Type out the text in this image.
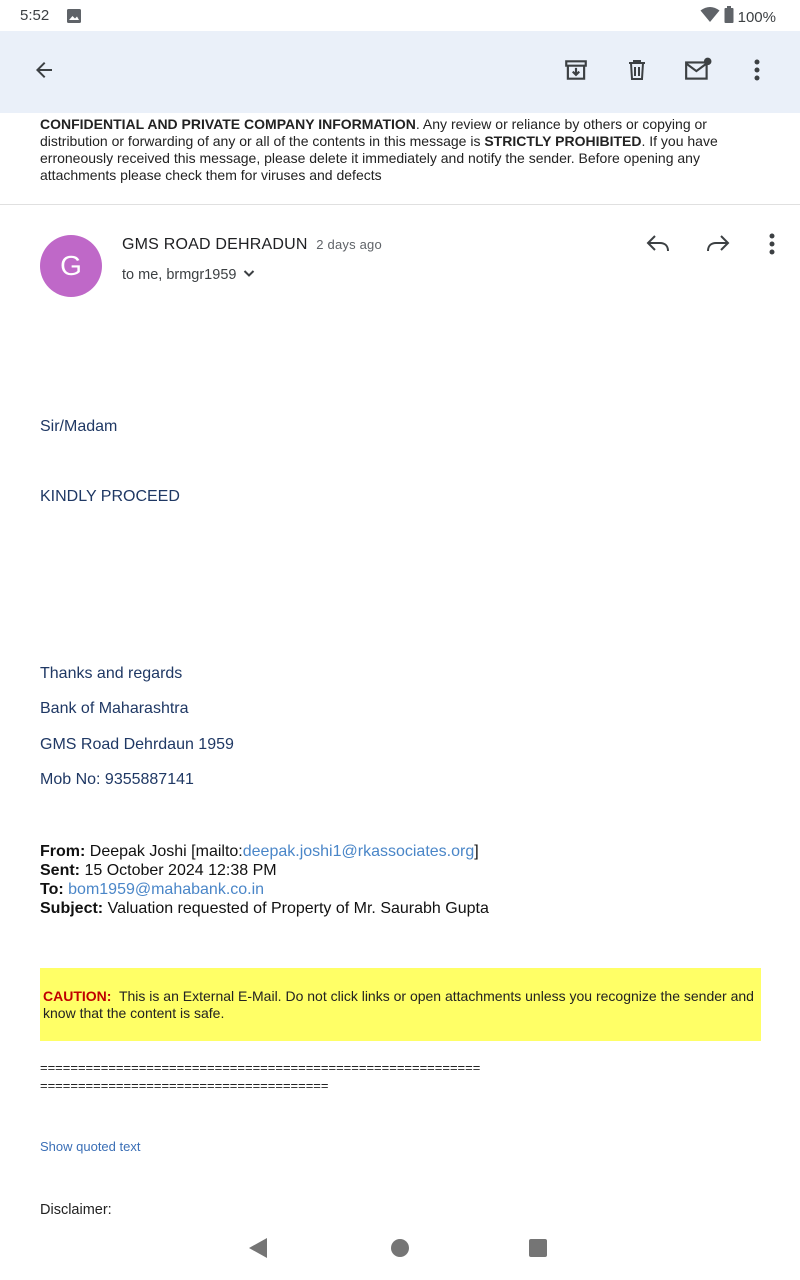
5:52	100%
CONFIDENTIAL AND PRIVATE COMPANY INFORMATION. Any review or reliance by others or copying or distribution or forwarding of any or all of the contents in this message is STRICTLY PROHIBITED. If you have erroneously received this message, please delete it immediately and notify the sender. Before opening any attachments please check them for viruses and defects
G
GMS ROAD DEHRADUN 2 days ago
to me, brmgr1959
Sir/Madam
KINDLY PROCEED
Thanks and regards
Bank of Maharashtra
GMS Road Dehrdaun 1959
Mob No: 9355887141
From: Deepak Joshi [mailto:deepak.joshi1@rkassociates.org]
Sent: 15 October 2024 12:38 PM
To: bom1959@mahabank.co.in
Subject: Valuation requested of Property of Mr. Saurabh Gupta
CAUTION: This is an External E-Mail. Do not click links or open attachments unless you recognize the sender and know that the content is safe.
==========================================================
======================================
Show quoted text
Disclaimer:
